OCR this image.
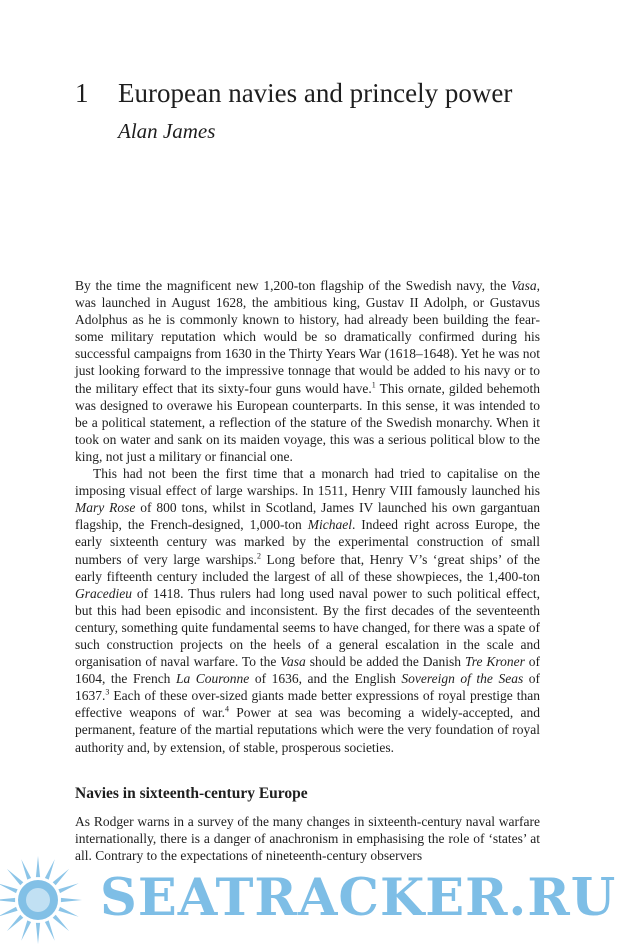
1	European navies and princely power
Alan James

By the time the magnificent new 1,200-ton flagship of the Swedish navy, the Vasa, was launched in August 1628, the ambitious king, Gustav II Adolph, or Gustavus Adolphus as he is commonly known to history, had already been building the fearsome military reputation which would be so dramatically confirmed during his successful campaigns from 1630 in the Thirty Years War (1618–1648). Yet he was not just looking forward to the impressive tonnage that would be added to his navy or to the military effect that its sixty-four guns would have.$^1$ This ornate, gilded behemoth was designed to overawe his European counterparts. In this sense, it was intended to be a political statement, a reflection of the stature of the Swedish monarchy. When it took on water and sank on its maiden voyage, this was a serious political blow to the king, not just a military or financial one.

This had not been the first time that a monarch had tried to capitalise on the imposing visual effect of large warships. In 1511, Henry VIII famously launched his Mary Rose of 800 tons, whilst in Scotland, James IV launched his own gargantuan flagship, the French-designed, 1,000-ton Michael. Indeed right across Europe, the early sixteenth century was marked by the experimental construction of small numbers of very large warships.$^2$ Long before that, Henry V’s ‘great ships’ of the early fifteenth century included the largest of all of these showpieces, the 1,400-ton Gracedieu of 1418. Thus rulers had long used naval power to such political effect, but this had been episodic and inconsistent. By the first decades of the seventeenth century, something quite fundamental seems to have changed, for there was a spate of such construction projects on the heels of a general escalation in the scale and organisation of naval warfare. To the Vasa should be added the Danish Tre Kroner of 1604, the French La Couronne of 1636, and the English Sovereign of the Seas of 1637.$^3$ Each of these over-sized giants made better expressions of royal prestige than effective weapons of war.$^4$ Power at sea was becoming a widely-accepted, and permanent, feature of the martial reputations which were the very foundation of royal authority and, by extension, of stable, prosperous societies.

Navies in sixteenth-century Europe

As Rodger warns in a survey of the many changes in sixteenth-century naval warfare internationally, there is a danger of anachronism in emphasising the role of ‘states’ at all. Contrary to the expectations of nineteenth-century observers

SEATRACKER.RU
